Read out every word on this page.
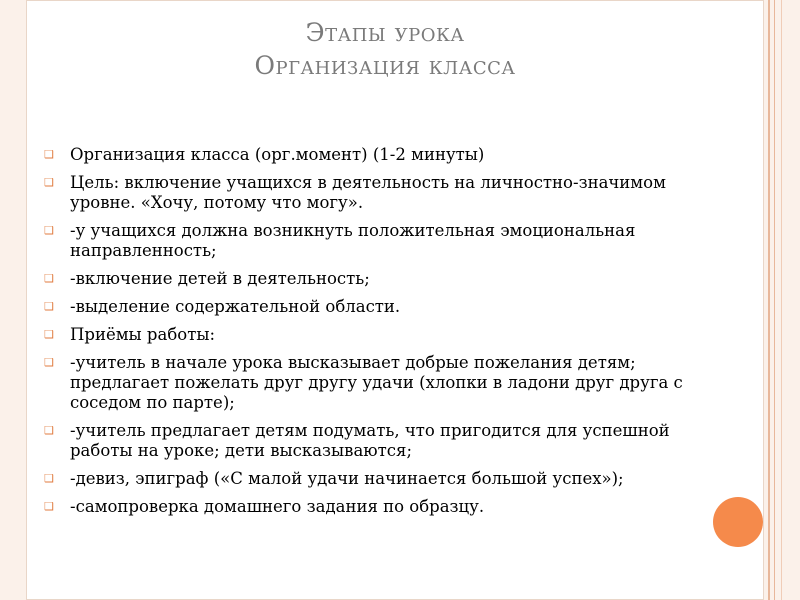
Этапы урока
Организация класса
❑ Организация класса (орг.момент) (1-2 минуты)
❑ Цель: включение учащихся в деятельность на личностно-значимом уровне. «Хочу, потому что могу».
❑ -у учащихся должна возникнуть положительная эмоциональная направленность;
❑ -включение детей в деятельность;
❑ -выделение содержательной области.
❑ Приёмы работы:
❑ -учитель в начале урока высказывает добрые пожелания детям; предлагает пожелать друг другу удачи (хлопки в ладони друг друга с соседом по парте);
❑ -учитель предлагает детям подумать, что пригодится для успешной работы на уроке; дети высказываются;
❑ -девиз, эпиграф («С малой удачи начинается большой успех»);
❑ -самопроверка домашнего задания по образцу.
